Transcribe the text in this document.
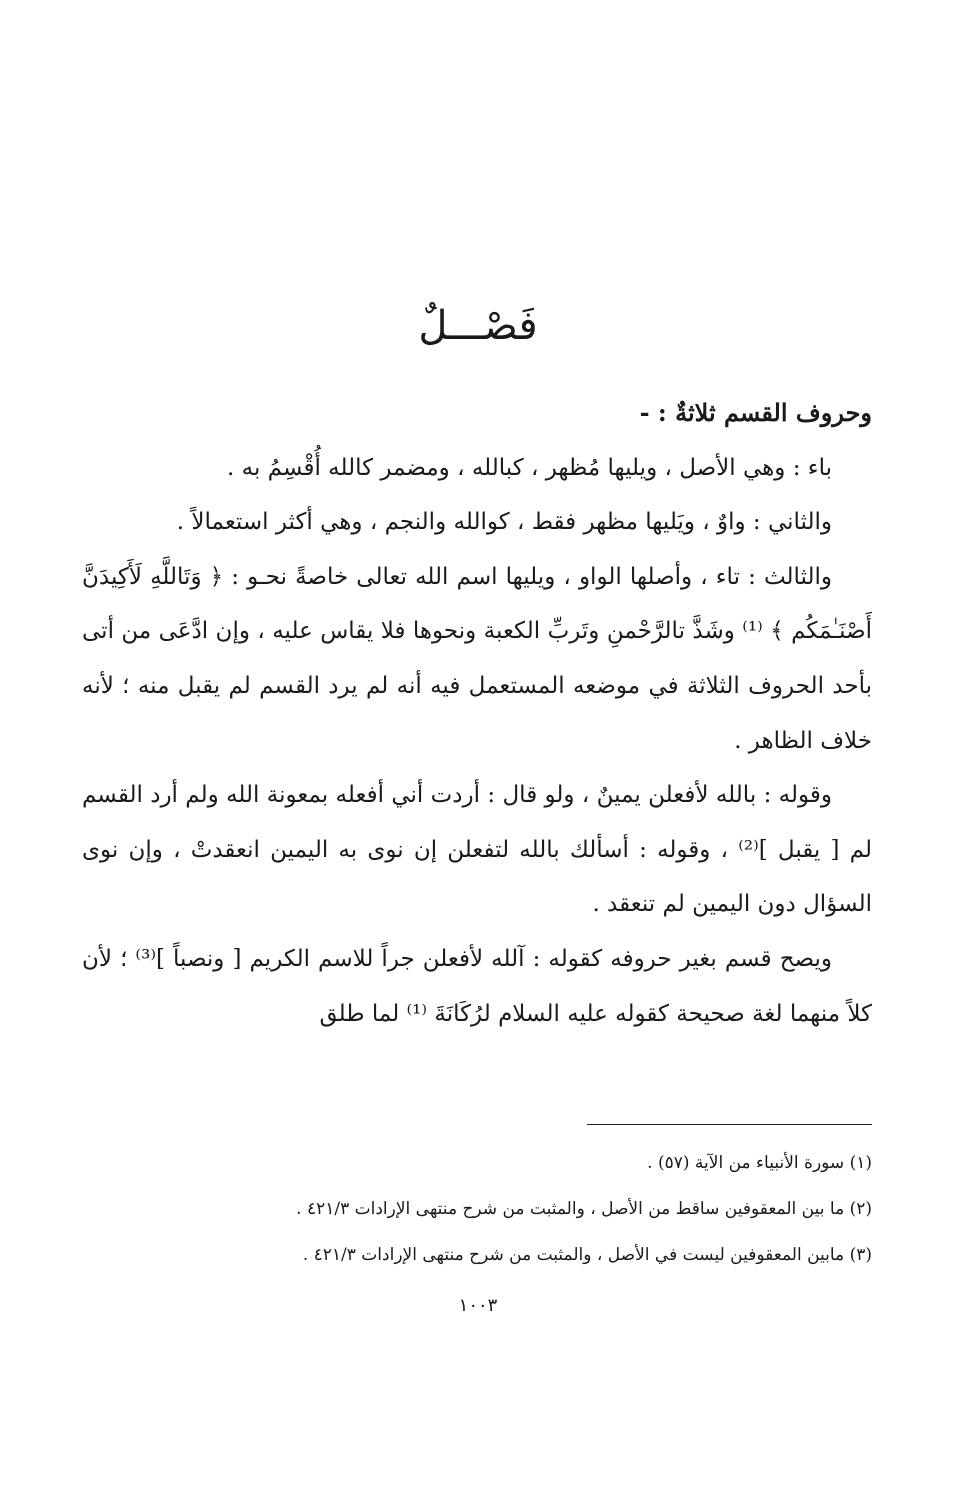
فَصْـــلٌ

وحروف القسم ثلاثةٌ : -

باء : وهي الأصل ، ويليها مُظهر ، كبالله ، ومضمر كالله أُقْسِمُ به .

والثاني : واوٌ ، ويَليها مظهر فقط ، كوالله والنجم ، وهي أكثر استعمالاً .

والثالث : تاء ، وأصلها الواو ، ويليها اسم الله تعالى خاصةً نحـو : ﴿ وَتَاللَّهِ لَأَكِيدَنَّ أَصْنَـٰمَكُم ﴾ ⁽¹⁾ وشَذَّ تالرَّحْمنِ وتَربِّ الكعبة ونحوها فلا يقاس عليه ، وإن ادَّعَى من أتى بأحد الحروف الثلاثة في موضعه المستعمل فيه أنه لم يرد القسم لم يقبل منه ؛ لأنه خلاف الظاهر .

وقوله : بالله لأفعلن يمينٌ ، ولو قال : أردت أني أفعله بمعونة الله ولم أرد القسم لم [ يقبل ]⁽²⁾ ، وقوله : أسألك بالله لتفعلن إن نوى به اليمين انعقدتْ ، وإن نوى السؤال دون اليمين لم تنعقد .

ويصح قسم بغير حروفه كقوله : آلله لأفعلن جراً للاسم الكريم [ ونصباً ]⁽³⁾ ؛ لأن كلاً منهما لغة صحيحة كقوله عليه السلام لرُكَانَةَ ⁽¹⁾ لما طلق

(١) سورة الأنبياء من الآية (٥٧) .

(٢) ما بين المعقوفين ساقط من الأصل ، والمثبت من شرح منتهى الإرادات ٤٢١/٣ .

(٣) مابين المعقوفين ليست في الأصل ، والمثبت من شرح منتهى الإرادات ٤٢١/٣ .

١٠٠٣
